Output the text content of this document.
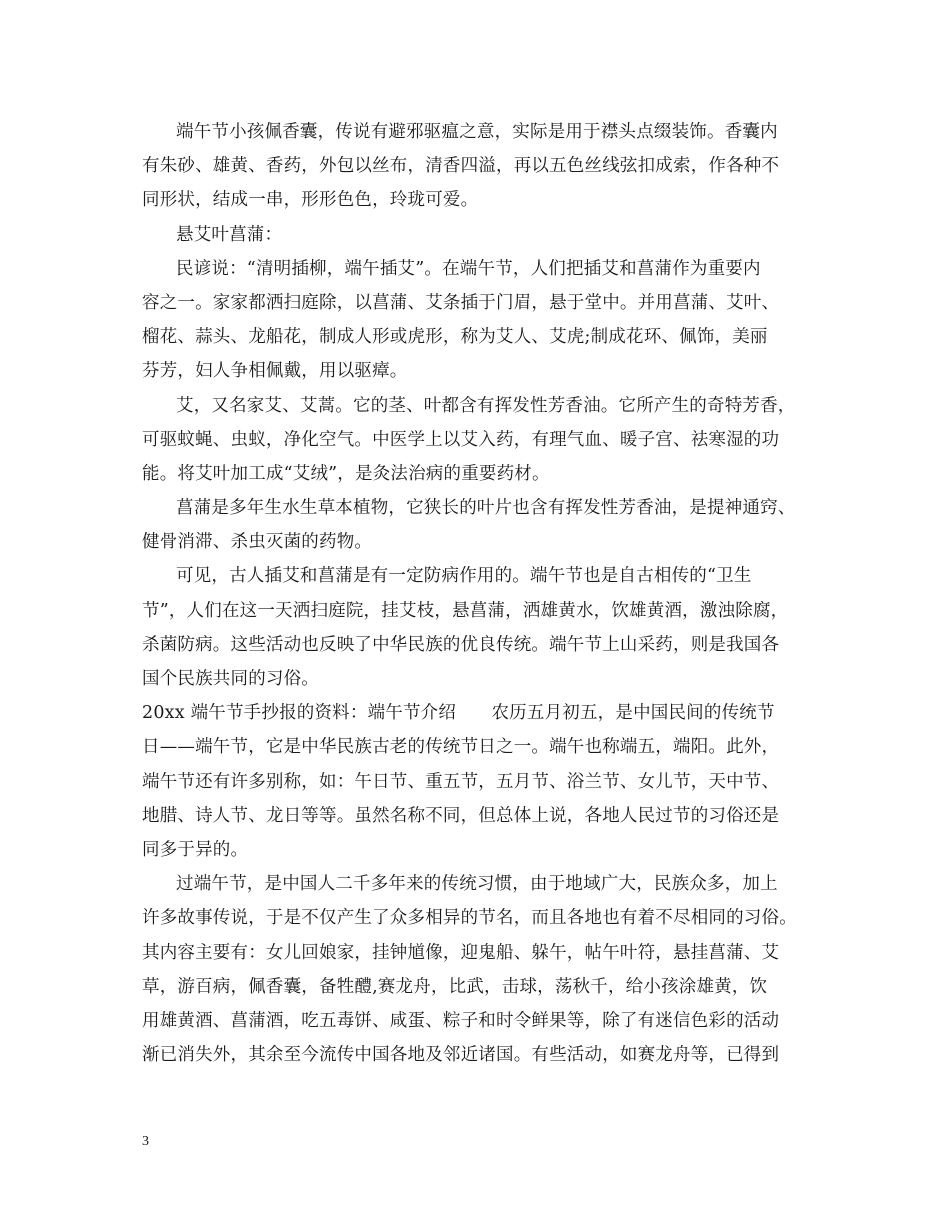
端午节小孩佩香囊，传说有避邪驱瘟之意，实际是用于襟头点缀装饰。香囊内
有朱砂、雄黄、香药，外包以丝布，清香四溢，再以五色丝线弦扣成索，作各种不
同形状，结成一串，形形色色，玲珑可爱。
悬艾叶菖蒲：
民谚说：“清明插柳，端午插艾”。在端午节，人们把插艾和菖蒲作为重要内
容之一。家家都洒扫庭除，以菖蒲、艾条插于门眉，悬于堂中。并用菖蒲、艾叶、
榴花、蒜头、龙船花，制成人形或虎形，称为艾人、艾虎;制成花环、佩饰，美丽
芬芳，妇人争相佩戴，用以驱瘴。
艾，又名家艾、艾蒿。它的茎、叶都含有挥发性芳香油。它所产生的奇特芳香，
可驱蚊蝇、虫蚁，净化空气。中医学上以艾入药，有理气血、暖子宫、祛寒湿的功
能。将艾叶加工成“艾绒”，是灸法治病的重要药材。
菖蒲是多年生水生草本植物，它狭长的叶片也含有挥发性芳香油，是提神通窍、
健骨消滞、杀虫灭菌的药物。
可见，古人插艾和菖蒲是有一定防病作用的。端午节也是自古相传的“卫生
节”，人们在这一天洒扫庭院，挂艾枝，悬菖蒲，洒雄黄水，饮雄黄酒，激浊除腐，
杀菌防病。这些活动也反映了中华民族的优良传统。端午节上山采药，则是我国各
国个民族共同的习俗。
20xx 端午节手抄报的资料：端午节介绍　　农历五月初五，是中国民间的传统节
日——端午节，它是中华民族古老的传统节日之一。端午也称端五，端阳。此外，
端午节还有许多别称，如：午日节、重五节，五月节、浴兰节、女儿节，天中节、
地腊、诗人节、龙日等等。虽然名称不同，但总体上说，各地人民过节的习俗还是
同多于异的。
过端午节，是中国人二千多年来的传统习惯，由于地域广大，民族众多，加上
许多故事传说，于是不仅产生了众多相异的节名，而且各地也有着不尽相同的习俗。
其内容主要有：女儿回娘家，挂钟馗像，迎鬼船、躲午，帖午叶符，悬挂菖蒲、艾
草，游百病，佩香囊，备牲醴,赛龙舟，比武，击球，荡秋千，给小孩涂雄黄，饮
用雄黄酒、菖蒲酒，吃五毒饼、咸蛋、粽子和时令鲜果等，除了有迷信色彩的活动
渐已消失外，其余至今流传中国各地及邻近诸国。有些活动，如赛龙舟等，已得到
3
